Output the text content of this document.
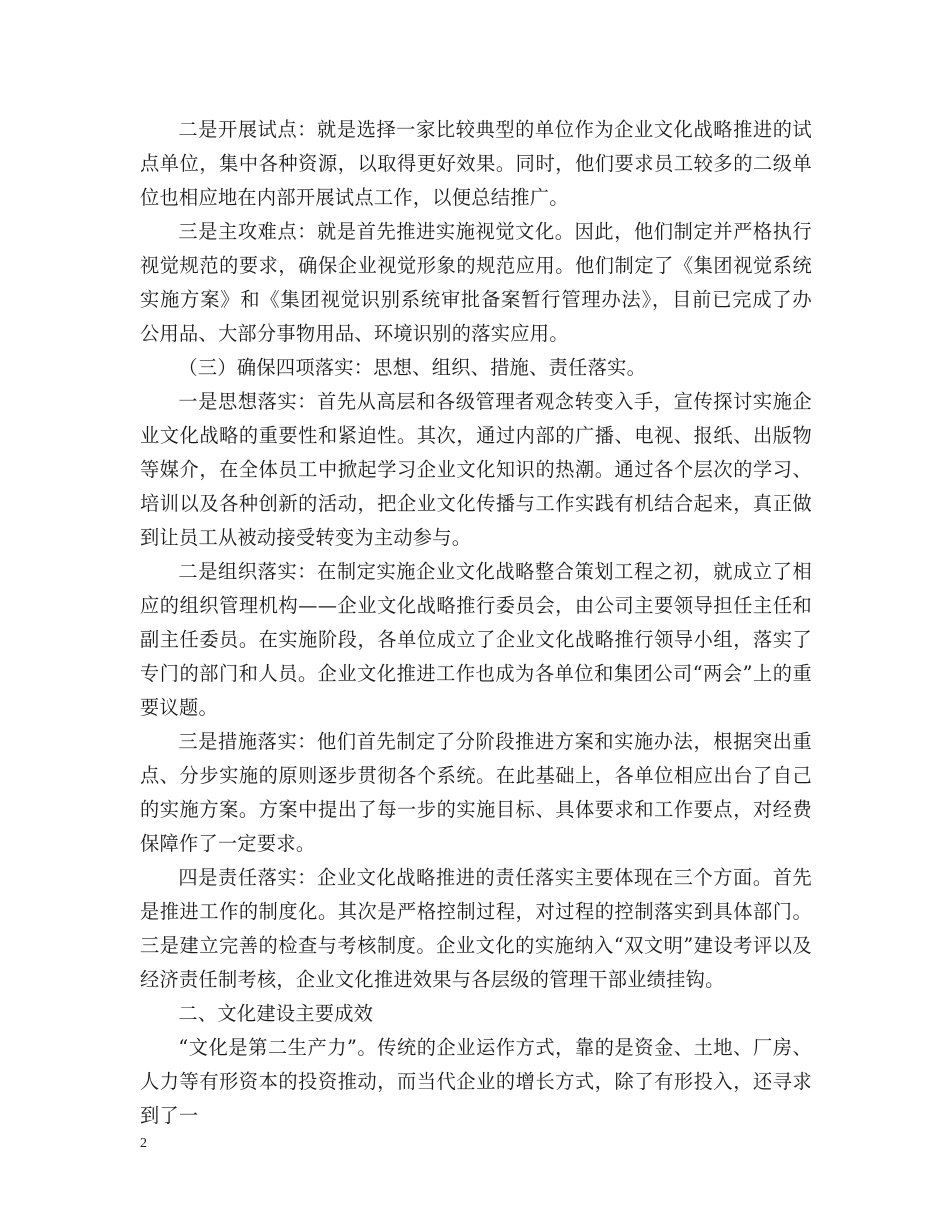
二是开展试点：就是选择一家比较典型的单位作为企业文化战略推进的试点单位，集中各种资源，以取得更好效果。同时，他们要求员工较多的二级单位也相应地在内部开展试点工作，以便总结推广。

三是主攻难点：就是首先推进实施视觉文化。因此，他们制定并严格执行视觉规范的要求，确保企业视觉形象的规范应用。他们制定了《集团视觉系统实施方案》和《集团视觉识别系统审批备案暂行管理办法》，目前已完成了办公用品、大部分事物用品、环境识别的落实应用。

（三）确保四项落实：思想、组织、措施、责任落实。

一是思想落实：首先从高层和各级管理者观念转变入手，宣传探讨实施企业文化战略的重要性和紧迫性。其次，通过内部的广播、电视、报纸、出版物等媒介，在全体员工中掀起学习企业文化知识的热潮。通过各个层次的学习、培训以及各种创新的活动，把企业文化传播与工作实践有机结合起来，真正做到让员工从被动接受转变为主动参与。

二是组织落实：在制定实施企业文化战略整合策划工程之初，就成立了相应的组织管理机构——企业文化战略推行委员会，由公司主要领导担任主任和副主任委员。在实施阶段，各单位成立了企业文化战略推行领导小组，落实了专门的部门和人员。企业文化推进工作也成为各单位和集团公司“两会”上的重要议题。

三是措施落实：他们首先制定了分阶段推进方案和实施办法，根据突出重点、分步实施的原则逐步贯彻各个系统。在此基础上，各单位相应出台了自己的实施方案。方案中提出了每一步的实施目标、具体要求和工作要点，对经费保障作了一定要求。

四是责任落实：企业文化战略推进的责任落实主要体现在三个方面。首先是推进工作的制度化。其次是严格控制过程，对过程的控制落实到具体部门。三是建立完善的检查与考核制度。企业文化的实施纳入“双文明”建设考评以及经济责任制考核，企业文化推进效果与各层级的管理干部业绩挂钩。

二、文化建设主要成效

“文化是第二生产力”。传统的企业运作方式，靠的是资金、土地、厂房、人力等有形资本的投资推动，而当代企业的增长方式，除了有形投入，还寻求到了一

2
